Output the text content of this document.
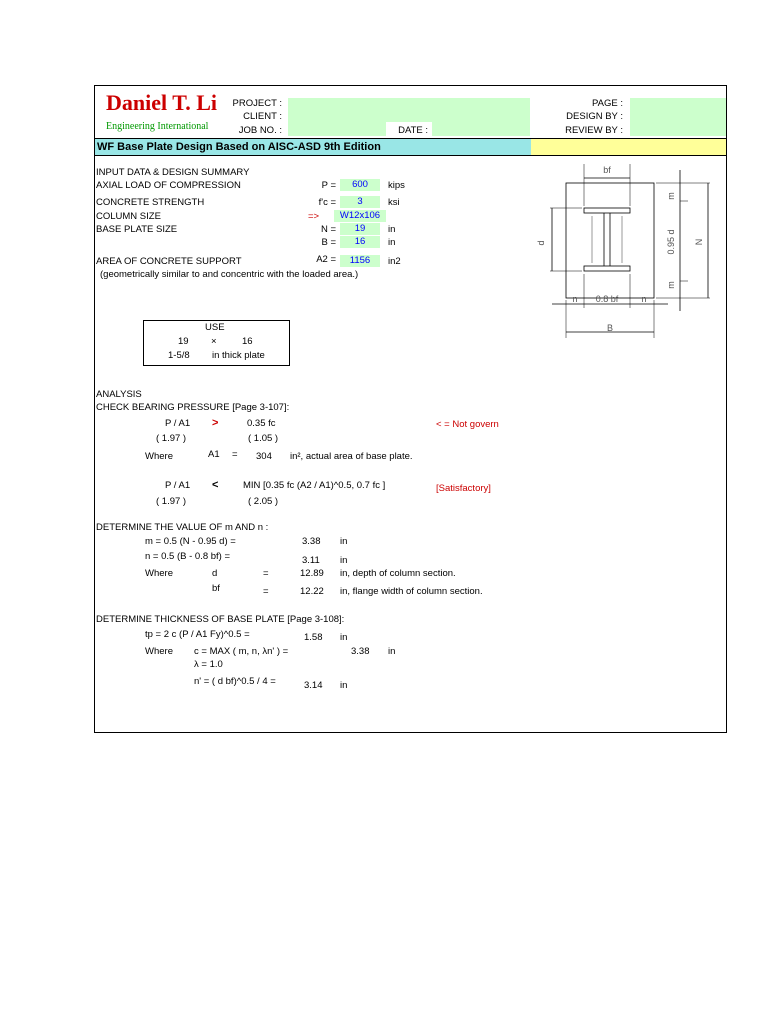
Daniel T. Li
Engineering International
PROJECT :
CLIENT :
JOB NO. :	DATE :
PAGE :
DESIGN BY :
REVIEW BY :
WF Base Plate Design Based on AISC-ASD 9th Edition
INPUT DATA & DESIGN SUMMARY
AXIAL LOAD OF COMPRESSION	P =	600	kips
CONCRETE STRENGTH	f'c =	3	ksi
COLUMN SIZE	=>	W12x106
BASE PLATE SIZE	N =	19	in
B =	16	in
AREA OF CONCRETE SUPPORT	A2 =	1156	in2
(geometrically similar to and concentric with the loaded area.)
USE
19 ×	16
1-5/8 in thick plate
ANALYSIS
CHECK BEARING PRESSURE [Page 3-107]:
P / A1 >	0.35 fc	< = Not govern
( 1.97 )	( 1.05 )
Where	A1 = 304 in², actual area of base plate.
P / A1 <	MIN [0.35 fc (A2 / A1)^0.5, 0.7 fc ]	[Satisfactory]
( 1.97 )	( 2.05 )
DETERMINE THE VALUE OF m AND n :
m = 0.5 (N - 0.95 d) =	3.38 in
n = 0.5 (B - 0.8 bf) =	3.11 in
Where	d	=	12.89 in, depth of column section.
bf	=	12.22 in, flange width of column section.
DETERMINE THICKNESS OF BASE PLATE [Page 3-108]:
tp = 2 c (P / A1 Fy)^0.5 =	1.58 in
Where c = MAX ( m, n, λn' ) =	3.38 in
λ = 1.0
n' = ( d bf)^0.5 / 4 =	3.14 in
bf
d
m
0.95 d
m
N
n 0.8 bf	n
B
